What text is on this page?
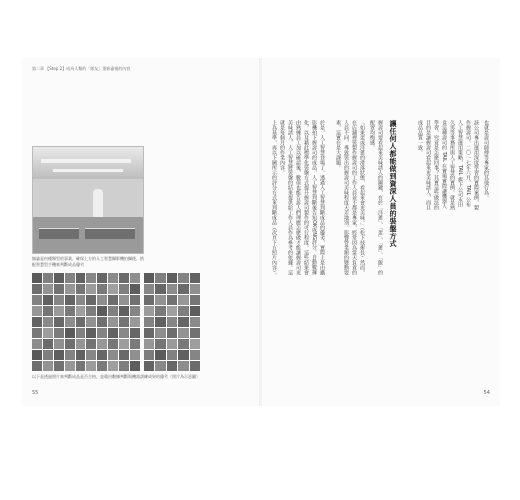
第二章 【Step 2】成為人類的「隊友」重新審視的內容
無論是何種類型的事業，確保上方的人工智慧攝影機拍攝後，搭配智慧型手機來判斷成品優劣
以下是透過照片來判斷成品是否合格，並藉由數據判斷與機器訓練成果的優劣（照片為示意圖）
55
也就是壽司師傅等專家的其他行為。
該公司專出運用深度學習的實際案例，製作握壽司。二〇一七年六月，TAIL 公布人工智慧運用策略，TAIL 旗下公司永田久男等事務所與人工智慧的實例。就是熟食這種壽司的 TAIL 在實場實際讓機器人學習，究竟是怎麼回事？其實這些做法的目的是讓握壽司看起來更美味誘人，而且成品品質一致。
讓任何人都能做到資深人員的裝盤方式
握壽司要看起來美味誘人的關鍵，在於「洋蔥」、「蛋」、「蔥」、「飯」的配置均衡感。
「如果蛋或洋蔥的滑落狀態，看起來會更美味。」（松下技術長）然而，在店舖裡裝製作握壽司的工作人員並不都是專家，經常因為當天負責的人員不同，導致裝出的握壽司美味程度天差地別。影響營業額的變動要素，這實在是大課題。
於是，人工智慧登場了。透過人工智慧判斷成品的優劣，實際上是由攝影機拍下握壽司的成品，人工智慧判斷後告知OK或NG評分。自動數據化，以及藉此標準化裝盤方式提升握壽司製作的可行程度。這些結果會由熟練員工加以確認後，數值也能告訴人們理應怎麼做才能讓握壽司更美味誘人，人工智慧將裝盤的結果提供給工作人員作為參考的依據。這就是每個月的作業內容。
上為基準，再以下圖所示的評分方式來判斷成品（次頁下方照片內容）。
54
